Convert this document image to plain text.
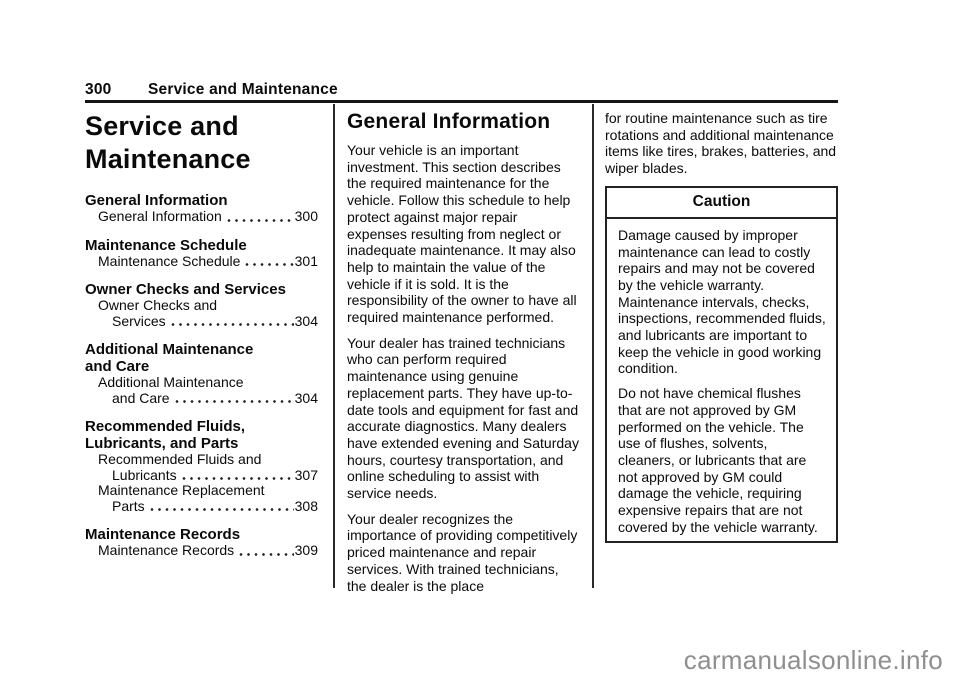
300	Service and Maintenance
Service and Maintenance
General Information
General Information	300
Maintenance Schedule
Maintenance Schedule	301
Owner Checks and Services
Owner Checks and
Services	304
Additional Maintenance
and Care
Additional Maintenance
and Care	304
Recommended Fluids,
Lubricants, and Parts
Recommended Fluids and
Lubricants	307
Maintenance Replacement
Parts	308
Maintenance Records
Maintenance Records	309
General Information

Your vehicle is an important investment. This section describes the required maintenance for the vehicle. Follow this schedule to help protect against major repair expenses resulting from neglect or inadequate maintenance. It may also help to maintain the value of the vehicle if it is sold. It is the responsibility of the owner to have all required maintenance performed.

Your dealer has trained technicians who can perform required maintenance using genuine replacement parts. They have up-to-date tools and equipment for fast and accurate diagnostics. Many dealers have extended evening and Saturday hours, courtesy transportation, and online scheduling to assist with service needs.

Your dealer recognizes the importance of providing competitively priced maintenance and repair services. With trained technicians, the dealer is the place

for routine maintenance such as tire rotations and additional maintenance items like tires, brakes, batteries, and wiper blades.

Caution

Damage caused by improper maintenance can lead to costly repairs and may not be covered by the vehicle warranty. Maintenance intervals, checks, inspections, recommended fluids, and lubricants are important to keep the vehicle in good working condition.

Do not have chemical flushes that are not approved by GM performed on the vehicle. The use of flushes, solvents, cleaners, or lubricants that are not approved by GM could damage the vehicle, requiring expensive repairs that are not covered by the vehicle warranty.

carmanualsonline.info
